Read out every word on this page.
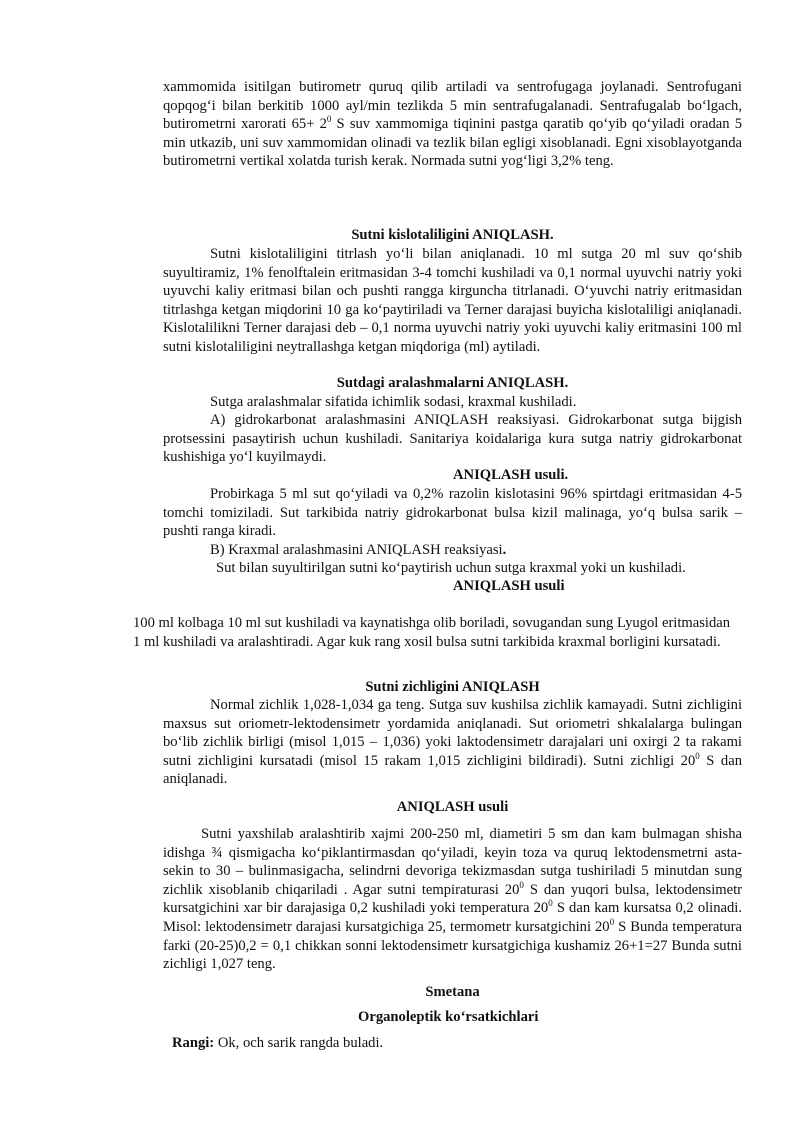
xammomida isitilgan butirometr quruq qilib artiladi va sentrofugaga joylanadi. Sentrofugani qopqog‘i bilan berkitib 1000 ayl/min tezlikda 5 min sentrafugalanadi. Sentrafugalab bo‘lgach, butirometrni xarorati $65+ 2^0$ S suv xammomiga tiqinini pastga qaratib qo‘yib qo‘yiladi oradan 5 min utkazib, uni suv xammomidan olinadi va tezlik bilan egligi xisoblanadi. Egni xisoblayotganda butirometrni vertikal xolatda turish kerak. Normada sutni yog‘ligi 3,2% teng.
Sutni kislotaliligini ANIQLASH.
Sutni kislotaliligini titrlash yo‘li bilan aniqlanadi. 10 ml sutga 20 ml suv qo‘shib suyultiramiz, 1% fenolftalein eritmasidan 3-4 tomchi kushiladi va 0,1 normal uyuvchi natriy yoki uyuvchi kaliy eritmasi bilan och pushti rangga kirguncha titrlanadi. O‘yuvchi natriy eritmasidan titrlashga ketgan miqdorini 10 ga ko‘paytiriladi va Terner darajasi buyicha kislotaliligi aniqlanadi. Kislotalilikni Terner darajasi deb – 0,1 norma uyuvchi natriy yoki uyuvchi kaliy eritmasini 100 ml sutni kislotaliligini neytrallashga ketgan miqdoriga (ml) aytiladi.
Sutdagi aralashmalarni ANIQLASH.
Sutga aralashmalar sifatida ichimlik sodasi, kraxmal kushiladi.
A) gidrokarbonat aralashmasini ANIQLASH reaksiyasi. Gidrokarbonat sutga bijgish protsessini pasaytirish uchun kushiladi. Sanitariya koidalariga kura sutga natriy gidrokarbonat kushishiga yo‘l kuyilmaydi.
ANIQLASH usuli.
Probirkaga 5 ml sut qo‘yiladi va 0,2% razolin kislotasini 96% spirtdagi eritmasidan 4-5 tomchi tomiziladi. Sut tarkibida natriy gidrokarbonat bulsa kizil malinaga, yo‘q bulsa sarik – pushti ranga kiradi.
B) Kraxmal aralashmasini ANIQLASH reaksiyasi.
Sut bilan suyultirilgan sutni ko‘paytirish uchun sutga kraxmal yoki un kushiladi.
ANIQLASH usuli
100 ml kolbaga 10 ml sut kushiladi va kaynatishga olib boriladi, sovugandan sung Lyugol eritmasidan 1 ml kushiladi va aralashtiradi. Agar kuk rang xosil bulsa sutni tarkibida kraxmal borligini kursatadi.
Sutni zichligini ANIQLASH
Normal zichlik 1,028-1,034 ga teng. Sutga suv kushilsa zichlik kamayadi. Sutni zichligini maxsus sut oriometr-lektodensimetr yordamida aniqlanadi. Sut oriometri shkalalarga bulingan bo‘lib zichlik birligi (misol 1,015 – 1,036) yoki laktodensimetr darajalari uni oxirgi 2 ta rakami sutni zichligini kursatadi (misol 15 rakam 1,015 zichligini bildiradi). Sutni zichligi $20^0$ S dan aniqlanadi.
ANIQLASH usuli
Sutni yaxshilab aralashtirib xajmi 200-250 ml, diametiri 5 sm dan kam bulmagan shisha idishga ¾ qismigacha ko‘piklantirmasdan qo‘yiladi, keyin toza va quruq lektodensmetrni asta-sekin to 30 – bulinmasigacha, selindrni devoriga tekizmasdan sutga tushiriladi 5 minutdan sung zichlik xisoblanib chiqariladi . Agar sutni tempiraturasi $20^0$ S dan yuqori bulsa, lektodensimetr kursatgichini xar bir darajasiga 0,2 kushiladi yoki temperatura $20^0$ S dan kam kursatsa 0,2 olinadi. Misol: lektodensimetr darajasi kursatgichiga 25, termometr kursatgichini $20^0$ S Bunda temperatura farki (20-25)0,2 = 0,1 chikkan sonni lektodensimetr kursatgichiga kushamiz 26+1=27 Bunda sutni zichligi 1,027 teng.
Smetana
Organoleptik ko‘rsatkichlari
Rangi: Ok, och sarik rangda buladi.
